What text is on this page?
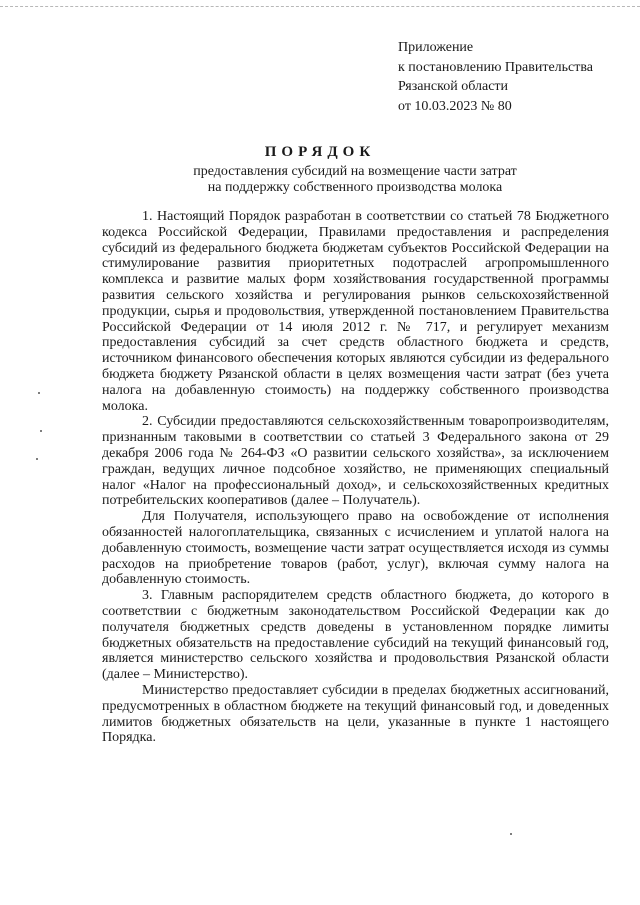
Приложение
к постановлению Правительства
Рязанской области
от 10.03.2023 № 80
ПОРЯДОК
предоставления субсидий на возмещение части затрат
на поддержку собственного производства молока

1. Настоящий Порядок разработан в соответствии со статьей 78 Бюджетного кодекса Российской Федерации, Правилами предоставления и распределения субсидий из федерального бюджета бюджетам субъектов Российской Федерации на стимулирование развития приоритетных подотраслей агропромышленного комплекса и развитие малых форм хозяйствования государственной программы развития сельского хозяйства и регулирования рынков сельскохозяйственной продукции, сырья и продовольствия, утвержденной постановлением Правительства Российской Федерации от 14 июля 2012 г. № 717, и регулирует механизм предоставления субсидий за счет средств областного бюджета и средств, источником финансового обеспечения которых являются субсидии из федерального бюджета бюджету Рязанской области в целях возмещения части затрат (без учета налога на добавленную стоимость) на поддержку собственного производства молока.

2. Субсидии предоставляются сельскохозяйственным товаропроизводителям, признанным таковыми в соответствии со статьей 3 Федерального закона от 29 декабря 2006 года № 264-ФЗ «О развитии сельского хозяйства», за исключением граждан, ведущих личное подсобное хозяйство, не применяющих специальный налог «Налог на профессиональный доход», и сельскохозяйственных кредитных потребительских кооперативов (далее – Получатель).

Для Получателя, использующего право на освобождение от исполнения обязанностей налогоплательщика, связанных с исчислением и уплатой налога на добавленную стоимость, возмещение части затрат осуществляется исходя из суммы расходов на приобретение товаров (работ, услуг), включая сумму налога на добавленную стоимость.

3. Главным распорядителем средств областного бюджета, до которого в соответствии с бюджетным законодательством Российской Федерации как до получателя бюджетных средств доведены в установленном порядке лимиты бюджетных обязательств на предоставление субсидий на текущий финансовый год, является министерство сельского хозяйства и продовольствия Рязанской области (далее – Министерство).

Министерство предоставляет субсидии в пределах бюджетных ассигнований, предусмотренных в областном бюджете на текущий финансовый год, и доведенных лимитов бюджетных обязательств на цели, указанные в пункте 1 настоящего Порядка.
